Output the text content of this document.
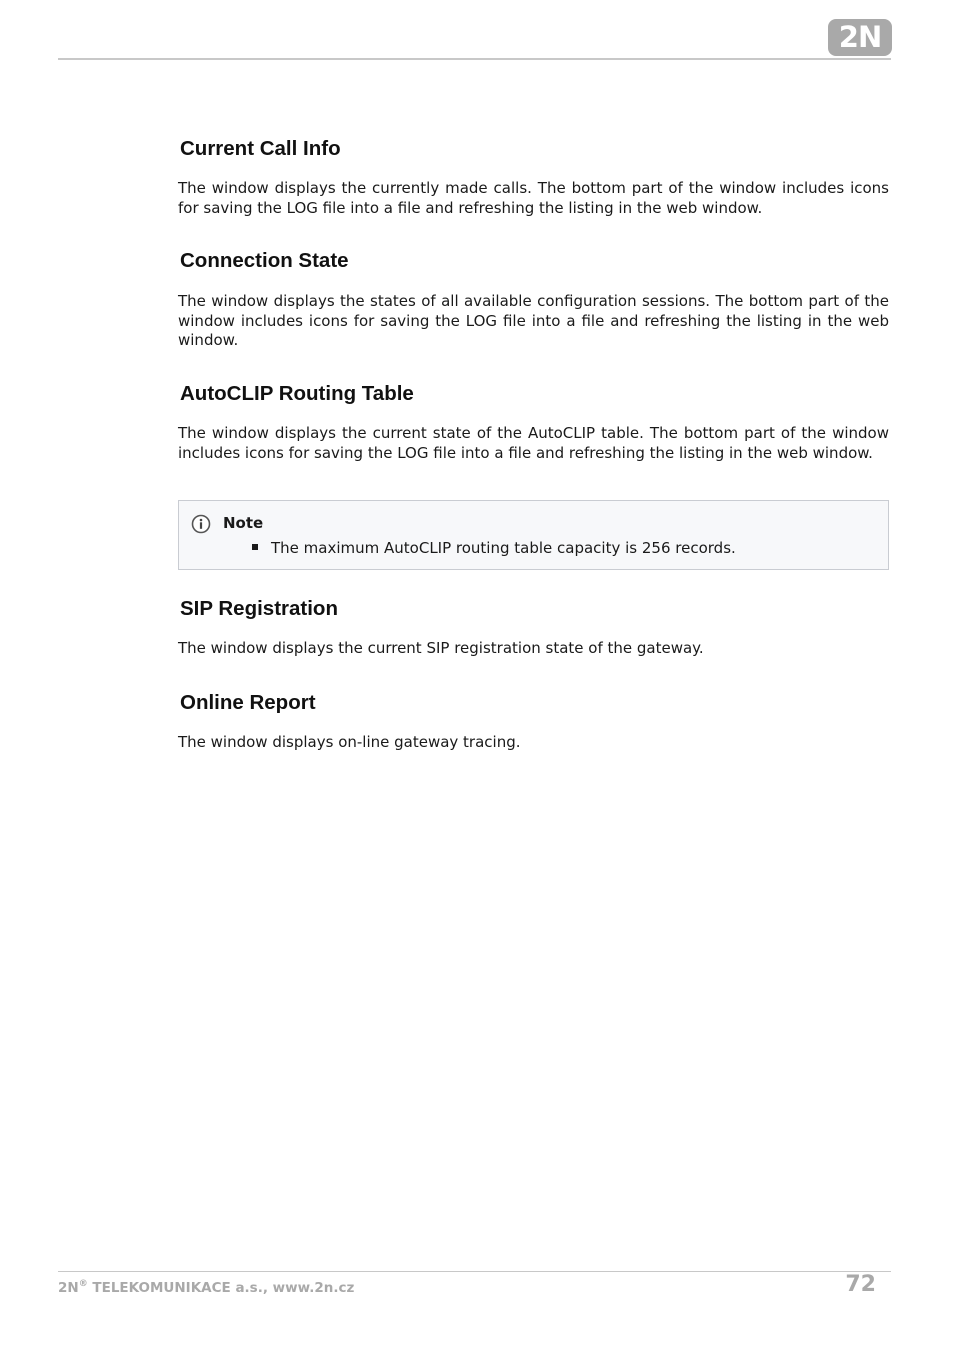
2N
Current Call Info

The window displays the currently made calls. The bottom part of the window includes icons for saving the LOG file into a file and refreshing the listing in the web window.

Connection State

The window displays the states of all available configuration sessions. The bottom part of the window includes icons for saving the LOG file into a file and refreshing the listing in the web window.

AutoCLIP Routing Table

The window displays the current state of the AutoCLIP table. The bottom part of the window includes icons for saving the LOG file into a file and refreshing the listing in the web window.

Note
The maximum AutoCLIP routing table capacity is 256 records.
SIP Registration

The window displays the current SIP registration state of the gateway.

Online Report

The window displays on-line gateway tracing.

2N® TELEKOMUNIKACE a.s., www.2n.cz	72
